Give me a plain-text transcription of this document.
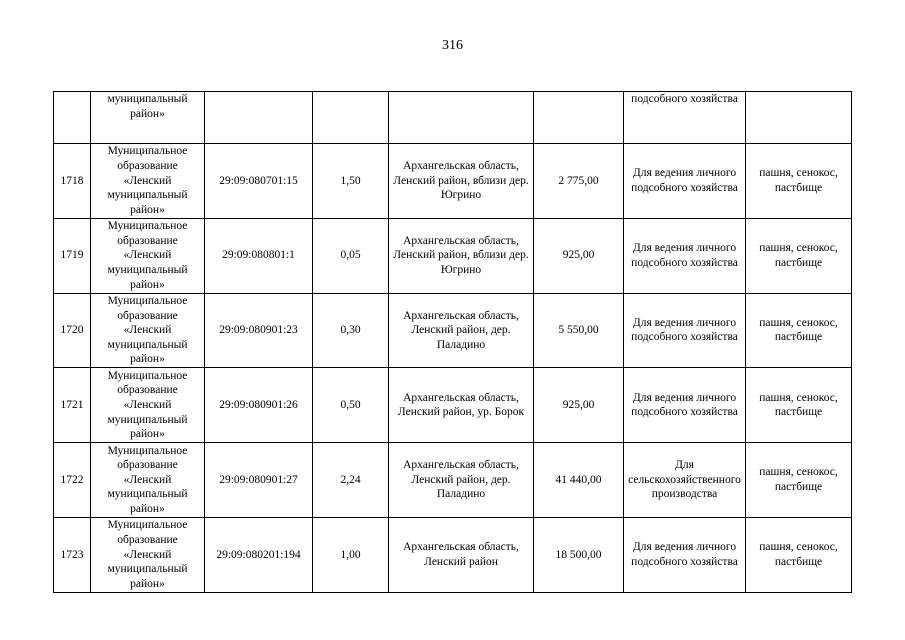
316
	муниципальный район»					подсобного хозяйства	
1718	Муниципальное образование «Ленский муниципальный район»	29:09:080701:15	1,50	Архангельская область, Ленский район, вблизи дер. Югрино	2 775,00	Для ведения личного подсобного хозяйства	пашня, сенокос, пастбище
1719	Муниципальное образование «Ленский муниципальный район»	29:09:080801:1	0,05	Архангельская область, Ленский район, вблизи дер. Югрино	925,00	Для ведения личного подсобного хозяйства	пашня, сенокос, пастбище
1720	Муниципальное образование «Ленский муниципальный район»	29:09:080901:23	0,30	Архангельская область, Ленский район, дер. Паладино	5 550,00	Для ведения личного подсобного хозяйства	пашня, сенокос, пастбище
1721	Муниципальное образование «Ленский муниципальный район»	29:09:080901:26	0,50	Архангельская область, Ленский район, ур. Борок	925,00	Для ведения личного подсобного хозяйства	пашня, сенокос, пастбище
1722	Муниципальное образование «Ленский муниципальный район»	29:09:080901:27	2,24	Архангельская область, Ленский район, дер. Паладино	41 440,00	Для сельскохозяйственного производства	пашня, сенокос, пастбище
1723	Муниципальное образование «Ленский муниципальный район»	29:09:080201:194	1,00	Архангельская область, Ленский район	18 500,00	Для ведения личного подсобного хозяйства	пашня, сенокос, пастбище
